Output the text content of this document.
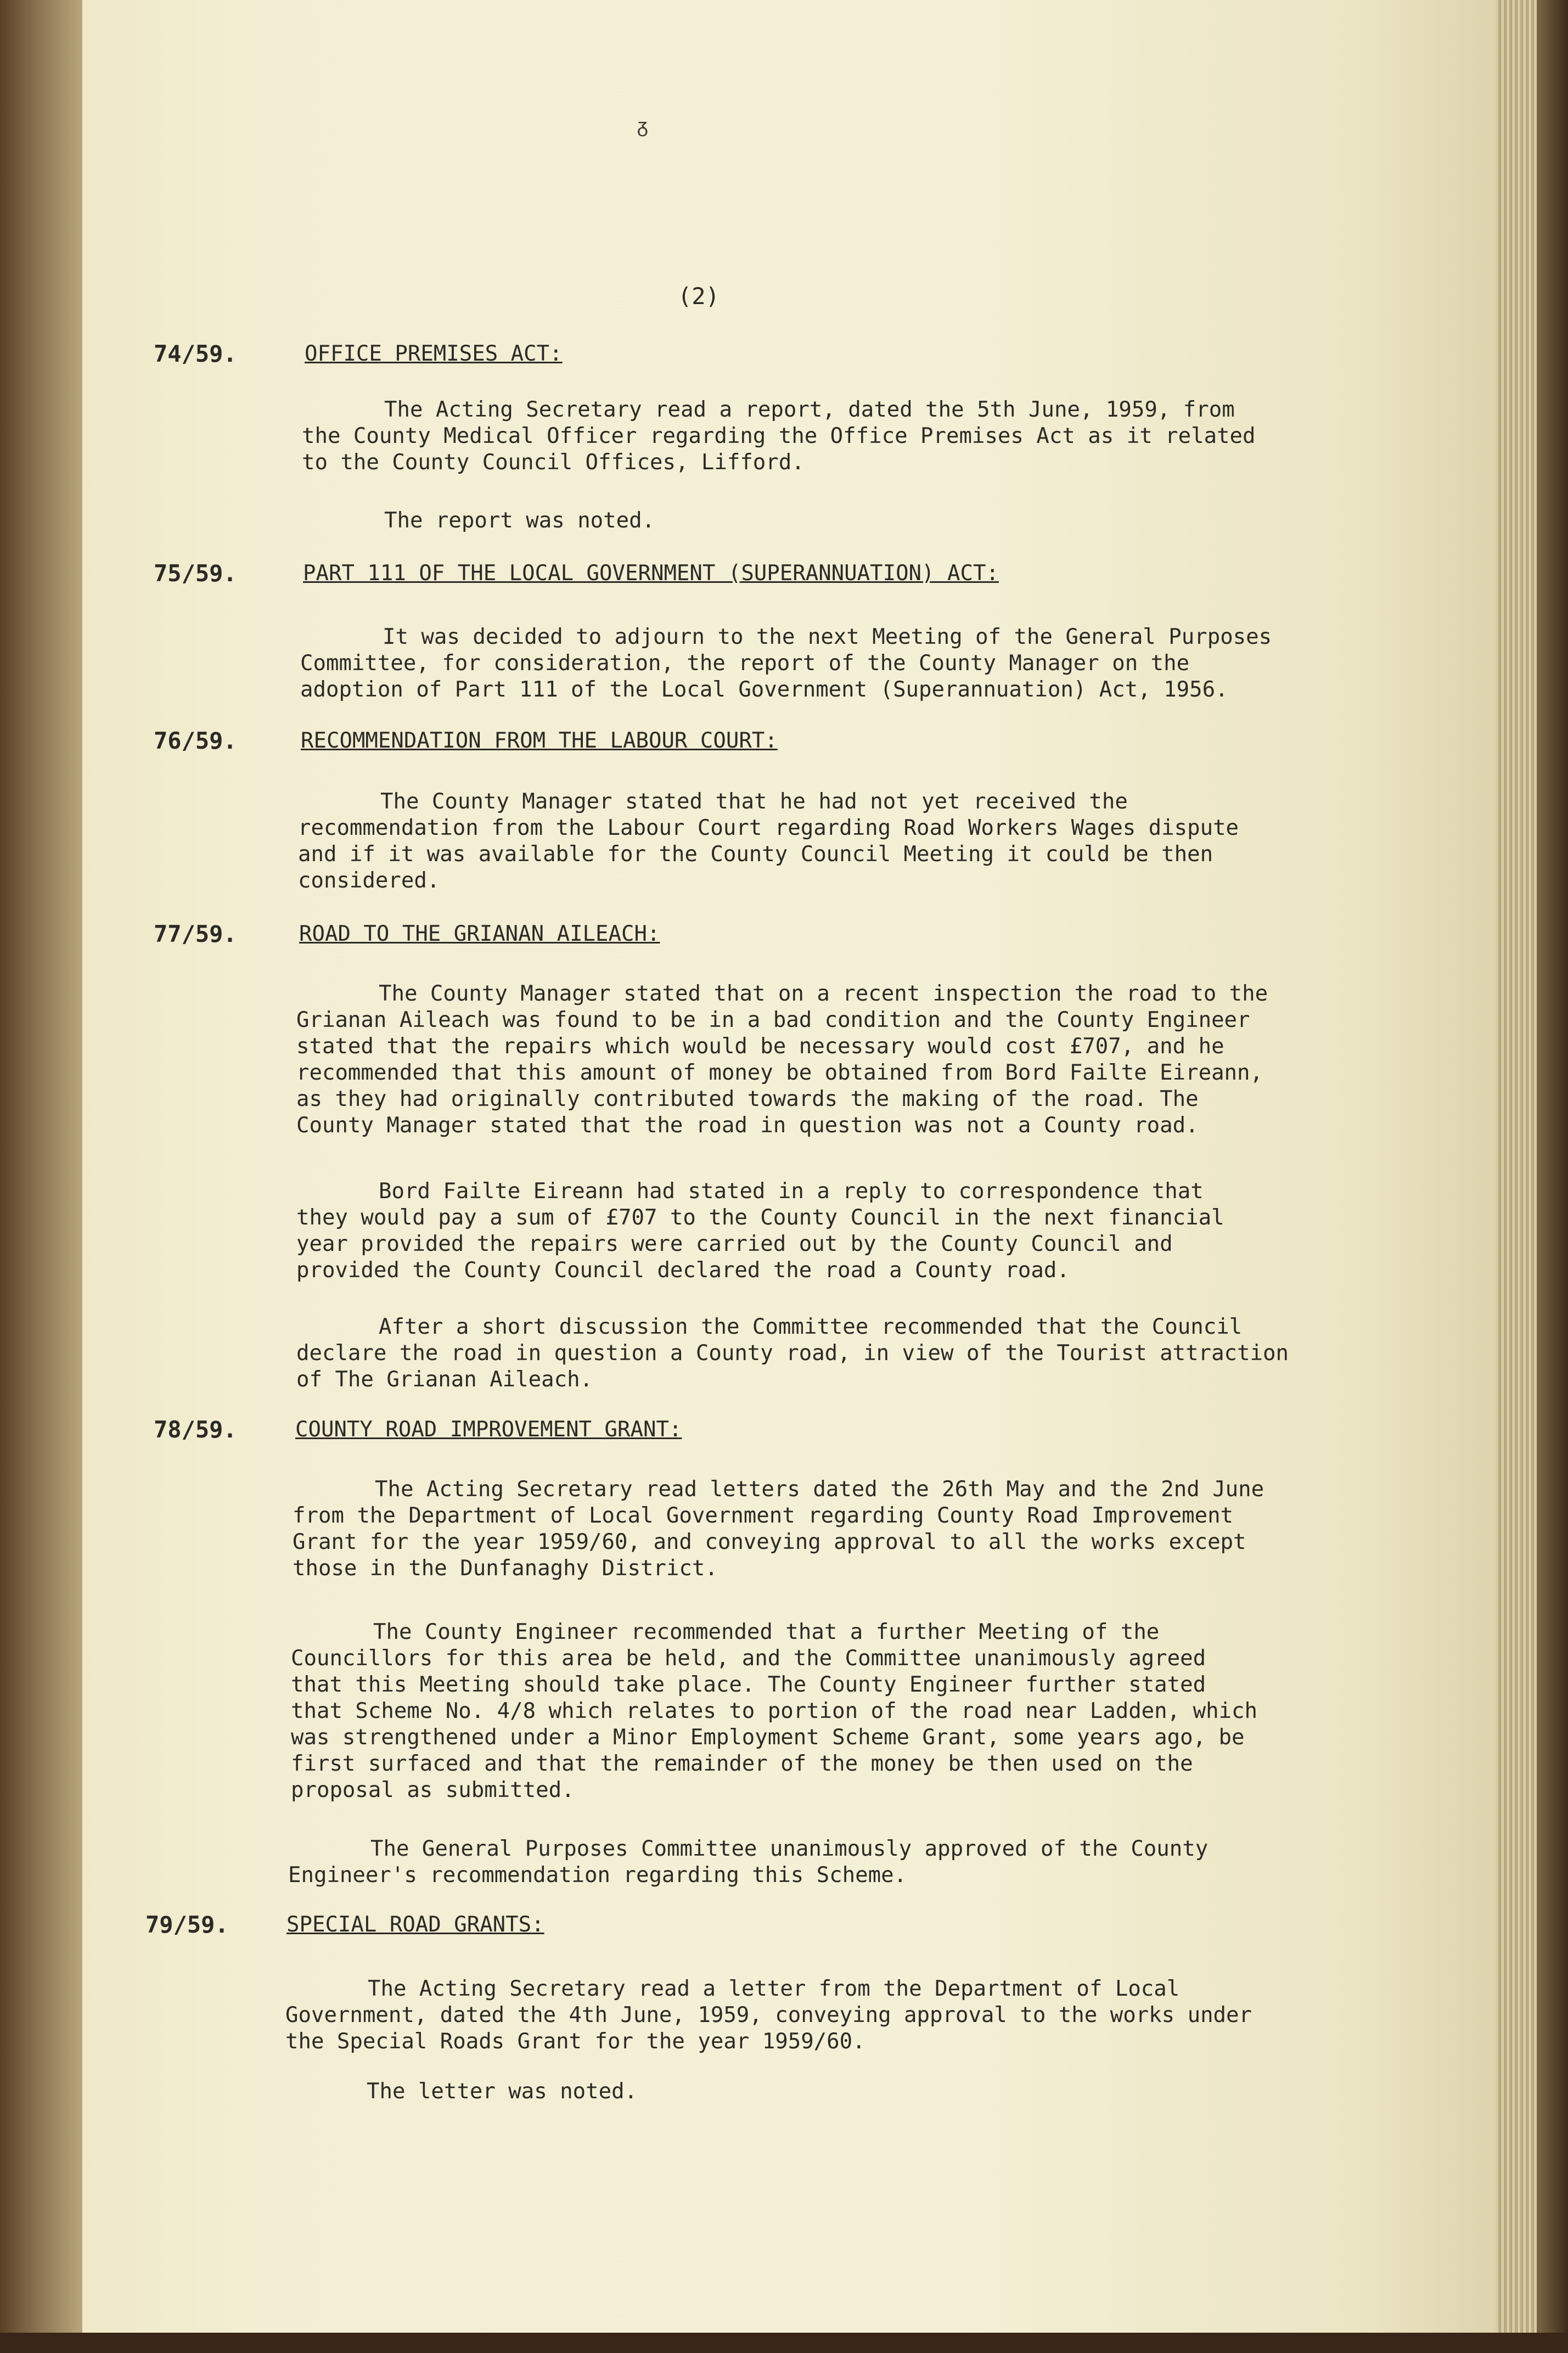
ᵹ
(2)
74/59.	OFFICE PREMISES ACT:
The Acting Secretary read a report, dated the 5th June, 1959, from
the County Medical Officer regarding the Office Premises Act as it related
to the County Council Offices, Lifford.
The report was noted.
75/59.	PART 111 OF THE LOCAL GOVERNMENT (SUPERANNUATION) ACT:
It was decided to adjourn to the next Meeting of the General Purposes
Committee, for consideration, the report of the County Manager on the
adoption of Part 111 of the Local Government (Superannuation) Act, 1956.
76/59.	RECOMMENDATION FROM THE LABOUR COURT:
The County Manager stated that he had not yet received the
recommendation from the Labour Court regarding Road Workers Wages dispute
and if it was available for the County Council Meeting it could be then
considered.
77/59.	ROAD TO THE GRIANAN AILEACH:
The County Manager stated that on a recent inspection the road to the
Grianan Aileach was found to be in a bad condition and the County Engineer
stated that the repairs which would be necessary would cost £707, and he
recommended that this amount of money be obtained from Bord Failte Eireann,
as they had originally contributed towards the making of the road. The
County Manager stated that the road in question was not a County road.
Bord Failte Eireann had stated in a reply to correspondence that
they would pay a sum of £707 to the County Council in the next financial
year provided the repairs were carried out by the County Council and
provided the County Council declared the road a County road.
After a short discussion the Committee recommended that the Council
declare the road in question a County road, in view of the Tourist attraction
of The Grianan Aileach.
78/59.	COUNTY ROAD IMPROVEMENT GRANT:
The Acting Secretary read letters dated the 26th May and the 2nd June
from the Department of Local Government regarding County Road Improvement
Grant for the year 1959/60, and conveying approval to all the works except
those in the Dunfanaghy District.
The County Engineer recommended that a further Meeting of the
Councillors for this area be held, and the Committee unanimously agreed
that this Meeting should take place. The County Engineer further stated
that Scheme No. 4/8 which relates to portion of the road near Ladden, which
was strengthened under a Minor Employment Scheme Grant, some years ago, be
first surfaced and that the remainder of the money be then used on the
proposal as submitted.
The General Purposes Committee unanimously approved of the County
Engineer's recommendation regarding this Scheme.
79/59.	SPECIAL ROAD GRANTS:
The Acting Secretary read a letter from the Department of Local
Government, dated the 4th June, 1959, conveying approval to the works under
the Special Roads Grant for the year 1959/60.
The letter was noted.
